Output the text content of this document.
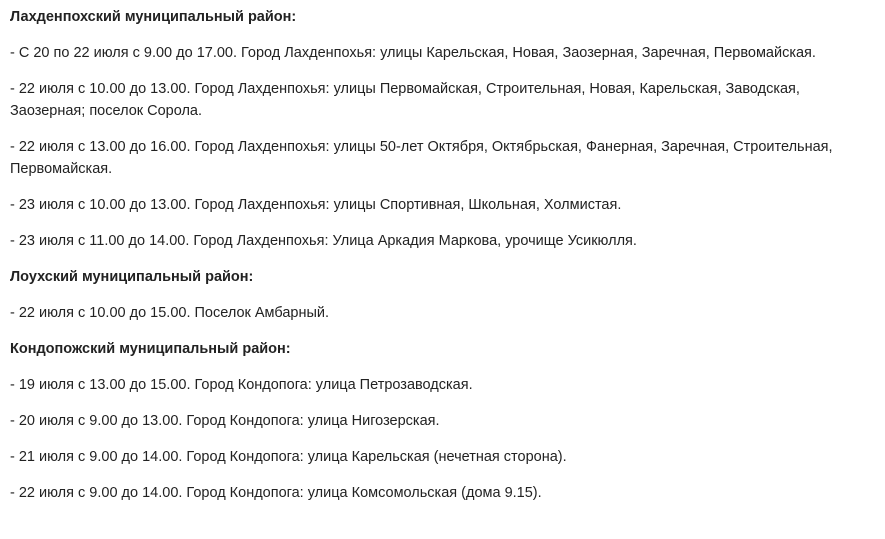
Лахденпохский муниципальный район:
- С 20 по 22 июля с 9.00 до 17.00. Город Лахденпохья: улицы Карельская, Новая, Заозерная, Заречная, Первомайская.
- 22 июля с 10.00 до 13.00. Город Лахденпохья: улицы Первомайская, Строительная, Новая, Карельская, Заводская, Заозерная; поселок Сорола.
- 22 июля с 13.00 до 16.00. Город Лахденпохья: улицы 50-лет Октября, Октябрьская, Фанерная, Заречная, Строительная, Первомайская.
- 23 июля с 10.00 до 13.00. Город Лахденпохья: улицы Спортивная, Школьная, Холмистая.
- 23 июля с 11.00 до 14.00. Город Лахденпохья: Улица Аркадия Маркова, урочище Усикюлля.
Лоухский муниципальный район:
- 22 июля с 10.00 до 15.00. Поселок Амбарный.
Кондопожский муниципальный район:
- 19 июля с 13.00 до 15.00. Город Кондопога: улица Петрозаводская.
- 20 июля с 9.00 до 13.00. Город Кондопога: улица Нигозерская.
- 21 июля с 9.00 до 14.00. Город Кондопога: улица Карельская (нечетная сторона).
- 22 июля с 9.00 до 14.00. Город Кондопога: улица Комсомольская (дома 9.15).
